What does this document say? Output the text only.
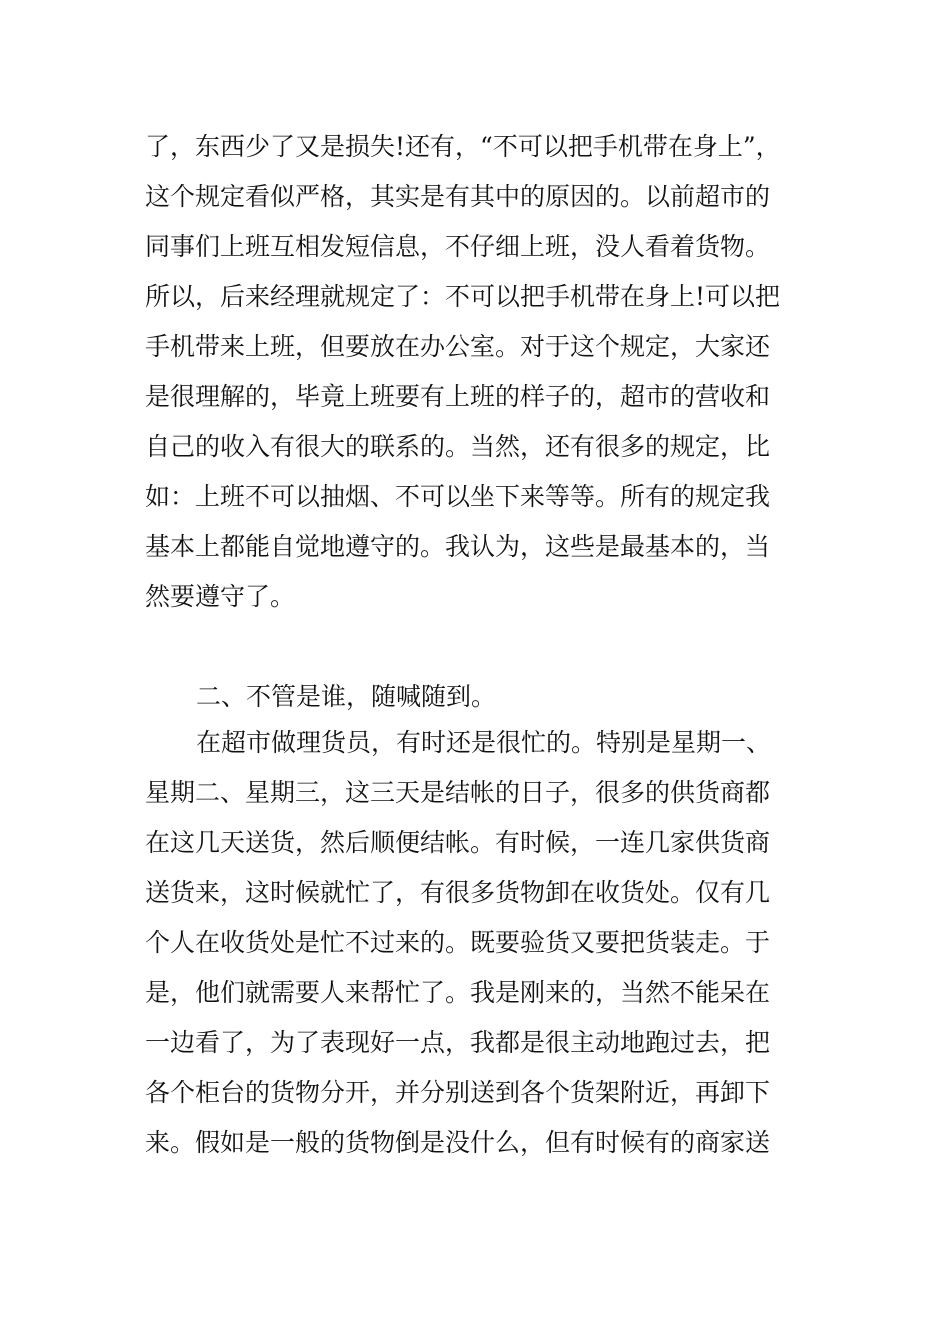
了，东西少了又是损失!还有，“不可以把手机带在身上”，
这个规定看似严格，其实是有其中的原因的。以前超市的
同事们上班互相发短信息，不仔细上班，没人看着货物。
所以，后来经理就规定了：不可以把手机带在身上!可以把
手机带来上班，但要放在办公室。对于这个规定，大家还
是很理解的，毕竟上班要有上班的样子的，超市的营收和
自己的收入有很大的联系的。当然，还有很多的规定，比
如：上班不可以抽烟、不可以坐下来等等。所有的规定我
基本上都能自觉地遵守的。我认为，这些是最基本的，当
然要遵守了。
二、不管是谁，随喊随到。
在超市做理货员，有时还是很忙的。特别是星期一、
星期二、星期三，这三天是结帐的日子，很多的供货商都
在这几天送货，然后顺便结帐。有时候，一连几家供货商
送货来，这时候就忙了，有很多货物卸在收货处。仅有几
个人在收货处是忙不过来的。既要验货又要把货装走。于
是，他们就需要人来帮忙了。我是刚来的，当然不能呆在
一边看了，为了表现好一点，我都是很主动地跑过去，把
各个柜台的货物分开，并分别送到各个货架附近，再卸下
来。假如是一般的货物倒是没什么，但有时候有的商家送
